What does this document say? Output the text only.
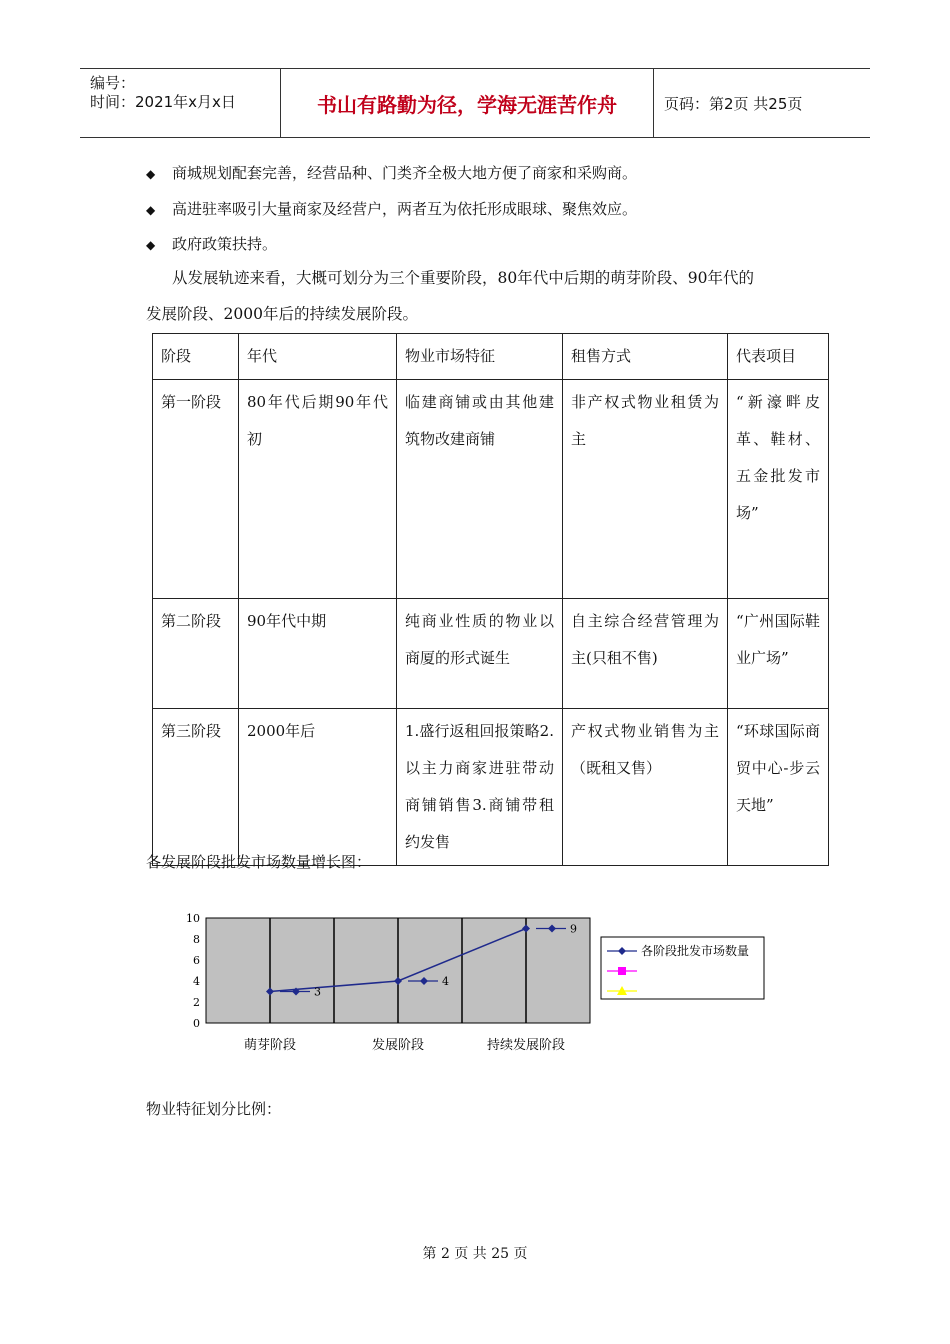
编号：
时间：2021年x月x日	书山有路勤为径，学海无涯苦作舟	页码：第2页 共25页
◆ 商城规划配套完善，经营品种、门类齐全极大地方便了商家和采购商。
◆ 高进驻率吸引大量商家及经营户，两者互为依托形成眼球、聚焦效应。
◆ 政府政策扶持。
从发展轨迹来看，大概可划分为三个重要阶段，80年代中后期的萌芽阶段、90年代的
发展阶段、2000年后的持续发展阶段。
阶段	年代	物业市场特征	租售方式	代表项目
第一阶段	80年代后期90年代初	临建商铺或由其他建筑物改建商铺	非产权式物业租赁为主	“新濠畔皮革、鞋材、五金批发市场”
第二阶段	90年代中期	纯商业性质的物业以商厦的形式诞生	自主综合经营管理为主(只租不售)	“广州国际鞋业广场”
第三阶段	2000年后	1.盛行返租回报策略2.以主力商家进驻带动商铺销售3.商铺带租约发售	产权式物业销售为主（既租又售）	“环球国际商贸中心-步云天地”
各发展阶段批发市场数量增长图：
0
2
4
6
8
10
萌芽阶段	发展阶段	持续发展阶段
3
4
9
各阶段批发市场数量
物业特征划分比例：
第 2 页 共 25 页
